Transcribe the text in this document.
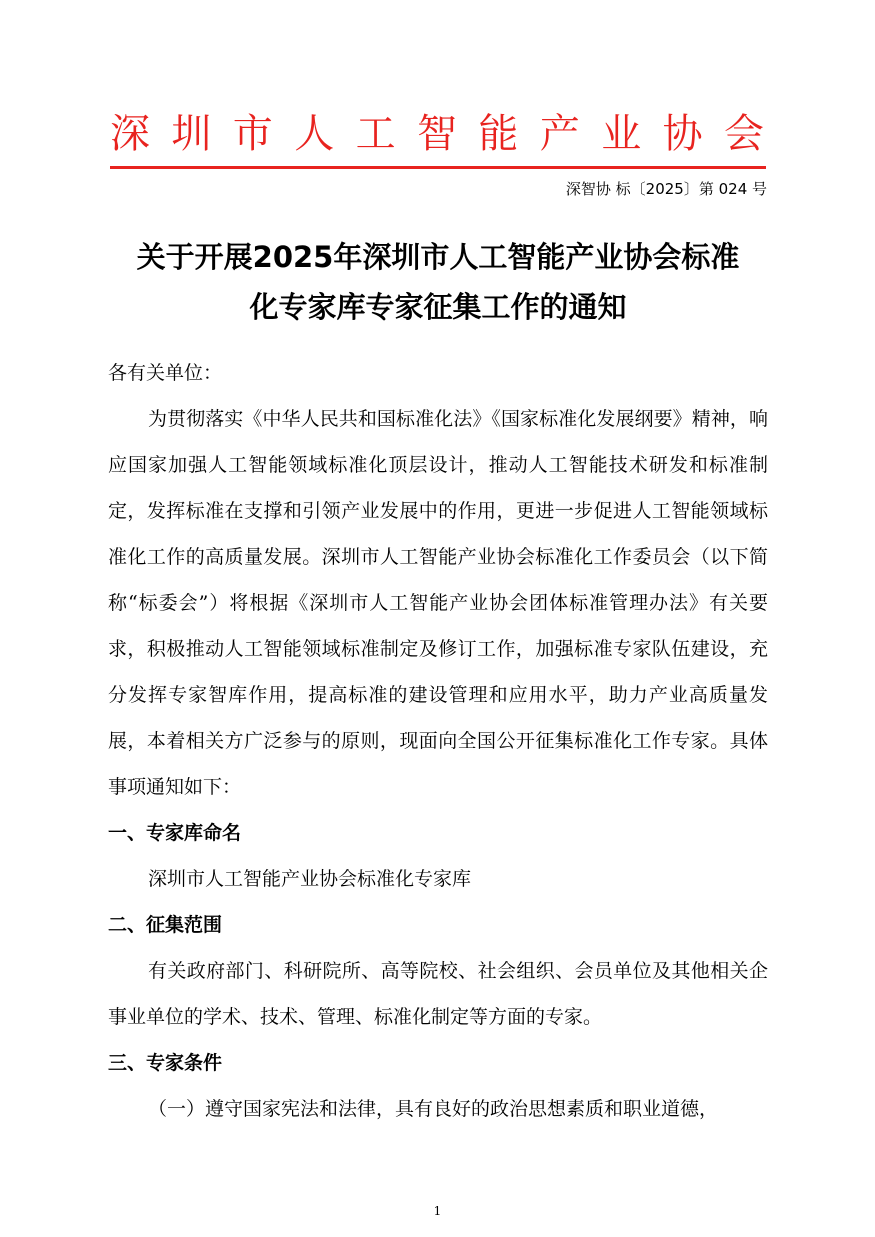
深圳市人工智能产业协会
深智协 标〔2025〕第 024 号
关于开展2025年深圳市人工智能产业协会标准
化专家库专家征集工作的通知

各有关单位：

为贯彻落实《中华人民共和国标准化法》《国家标准化发展纲要》精神，响应国家加强人工智能领域标准化顶层设计，推动人工智能技术研发和标准制定，发挥标准在支撑和引领产业发展中的作用，更进一步促进人工智能领域标准化工作的高质量发展。深圳市人工智能产业协会标准化工作委员会（以下简称“标委会”）将根据《深圳市人工智能产业协会团体标准管理办法》有关要求，积极推动人工智能领域标准制定及修订工作，加强标准专家队伍建设，充分发挥专家智库作用，提高标准的建设管理和应用水平，助力产业高质量发展，本着相关方广泛参与的原则，现面向全国公开征集标准化工作专家。具体事项通知如下：

一、专家库命名

深圳市人工智能产业协会标准化专家库

二、征集范围

有关政府部门、科研院所、高等院校、社会组织、会员单位及其他相关企事业单位的学术、技术、管理、标准化制定等方面的专家。

三、专家条件

（一）遵守国家宪法和法律，具有良好的政治思想素质和职业道德，

1
